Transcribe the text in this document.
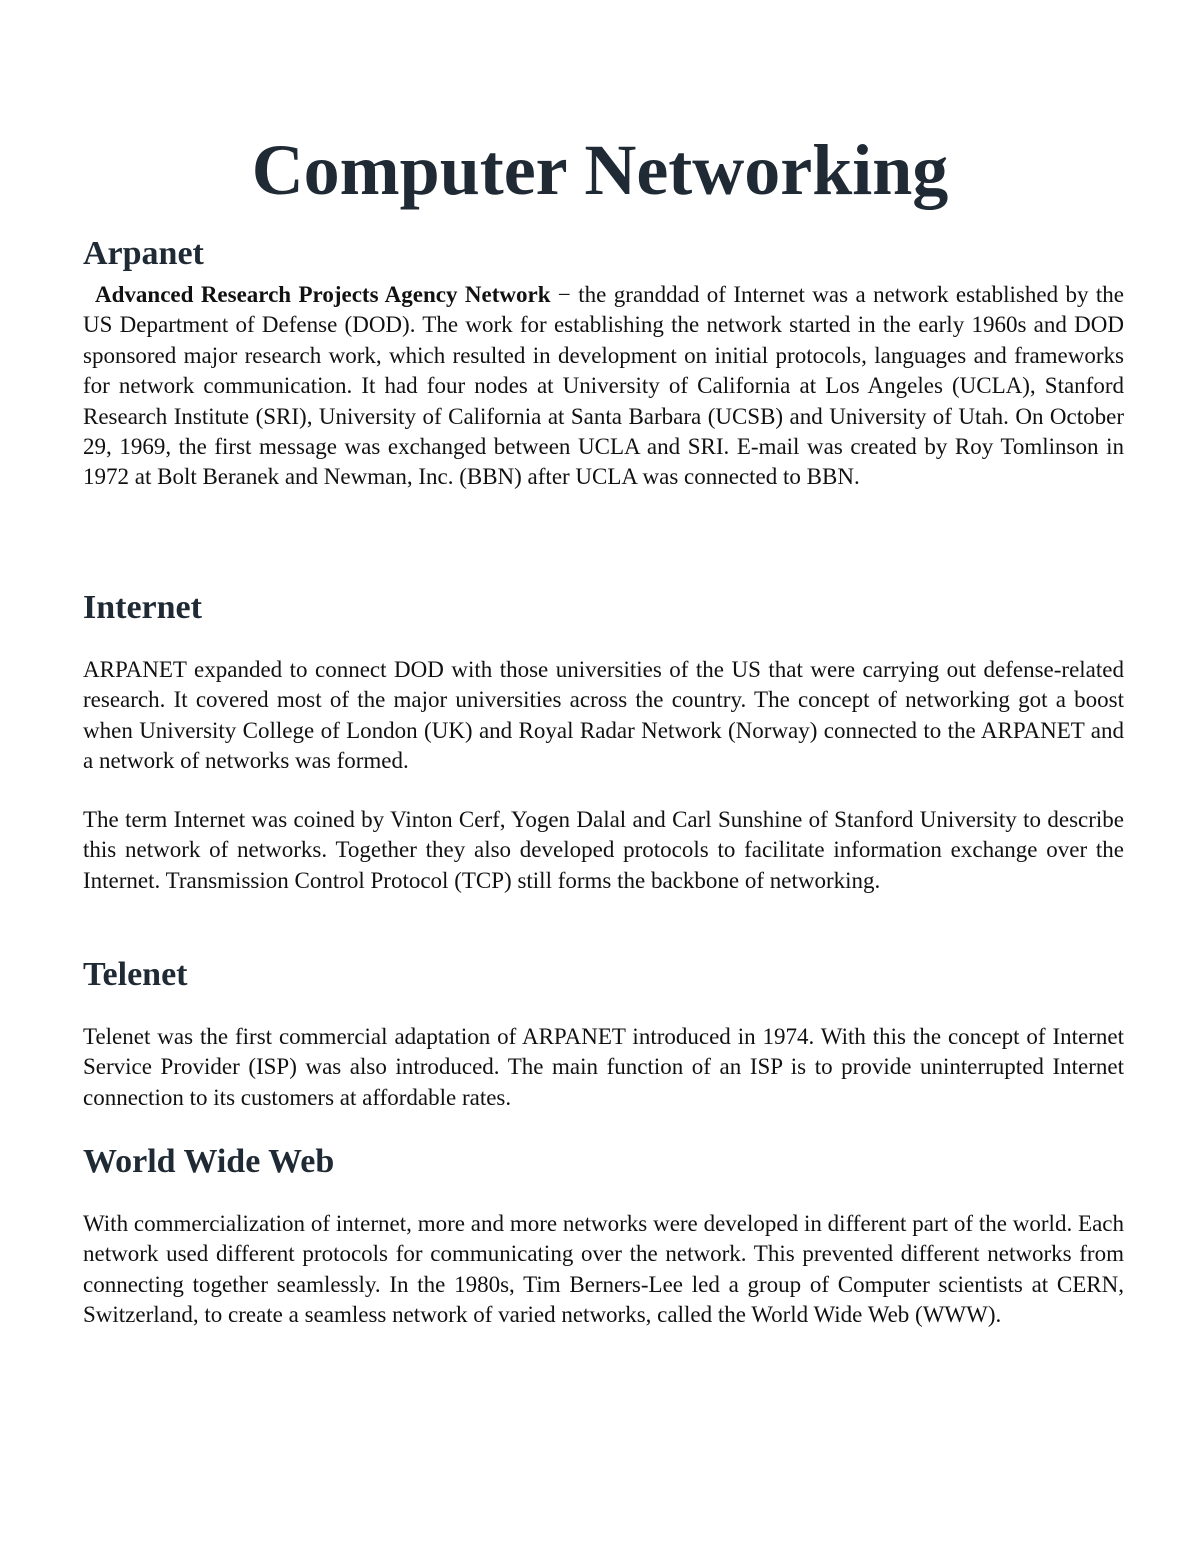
Computer Networking
Arpanet

Advanced Research Projects Agency Network − the granddad of Internet was a network established by the US Department of Defense (DOD). The work for establishing the network started in the early 1960s and DOD sponsored major research work, which resulted in development on initial protocols, languages and frameworks for network communication. It had four nodes at University of California at Los Angeles (UCLA), Stanford Research Institute (SRI), University of California at Santa Barbara (UCSB) and University of Utah. On October 29, 1969, the first message was exchanged between UCLA and SRI. E-mail was created by Roy Tomlinson in 1972 at Bolt Beranek and Newman, Inc. (BBN) after UCLA was connected to BBN.

Internet

ARPANET expanded to connect DOD with those universities of the US that were carrying out defense-related research. It covered most of the major universities across the country. The concept of networking got a boost when University College of London (UK) and Royal Radar Network (Norway) connected to the ARPANET and a network of networks was formed.

The term Internet was coined by Vinton Cerf, Yogen Dalal and Carl Sunshine of Stanford University to describe this network of networks. Together they also developed protocols to facilitate information exchange over the Internet. Transmission Control Protocol (TCP) still forms the backbone of networking.

Telenet

Telenet was the first commercial adaptation of ARPANET introduced in 1974. With this the concept of Internet Service Provider (ISP) was also introduced. The main function of an ISP is to provide uninterrupted Internet connection to its customers at affordable rates.

World Wide Web

With commercialization of internet, more and more networks were developed in different part of the world. Each network used different protocols for communicating over the network. This prevented different networks from connecting together seamlessly. In the 1980s, Tim Berners-Lee led a group of Computer scientists at CERN, Switzerland, to create a seamless network of varied networks, called the World Wide Web (WWW).
